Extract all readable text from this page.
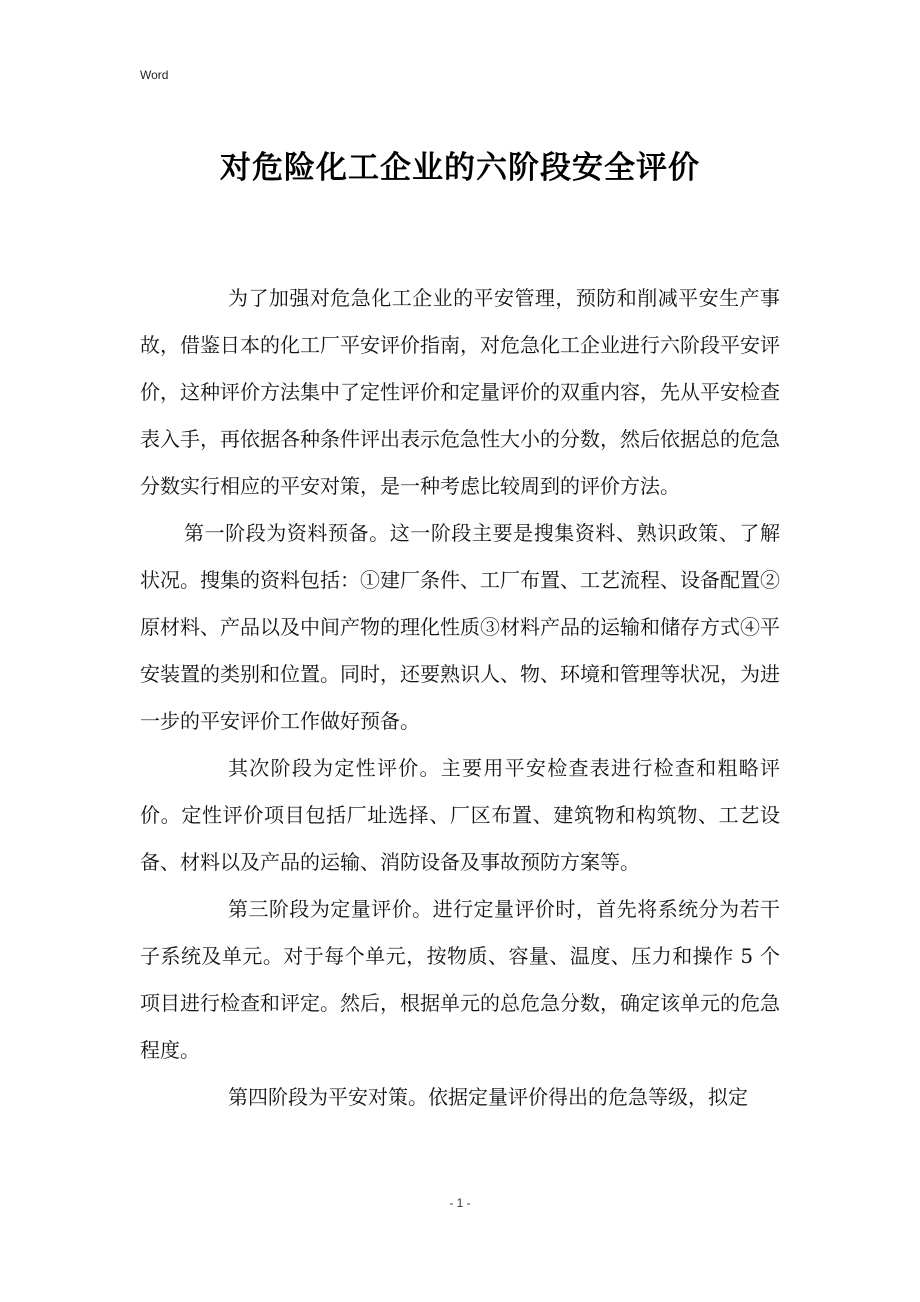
Word
对危险化工企业的六阶段安全评价

为了加强对危急化工企业的平安管理，预防和削减平安生产事故，借鉴日本的化工厂平安评价指南，对危急化工企业进行六阶段平安评价，这种评价方法集中了定性评价和定量评价的双重内容，先从平安检查表入手，再依据各种条件评出表示危急性大小的分数，然后依据总的危急分数实行相应的平安对策，是一种考虑比较周到的评价方法。

第一阶段为资料预备。这一阶段主要是搜集资料、熟识政策、了解状况。搜集的资料包括：①建厂条件、工厂布置、工艺流程、设备配置②原材料、产品以及中间产物的理化性质③材料产品的运输和储存方式④平安装置的类别和位置。同时，还要熟识人、物、环境和管理等状况，为进一步的平安评价工作做好预备。

其次阶段为定性评价。主要用平安检查表进行检查和粗略评价。定性评价项目包括厂址选择、厂区布置、建筑物和构筑物、工艺设备、材料以及产品的运输、消防设备及事故预防方案等。

第三阶段为定量评价。进行定量评价时，首先将系统分为若干子系统及单元。对于每个单元，按物质、容量、温度、压力和操作 5 个项目进行检查和评定。然后，根据单元的总危急分数，确定该单元的危急程度。

第四阶段为平安对策。依据定量评价得出的危急等级，拟定

- 1 -
